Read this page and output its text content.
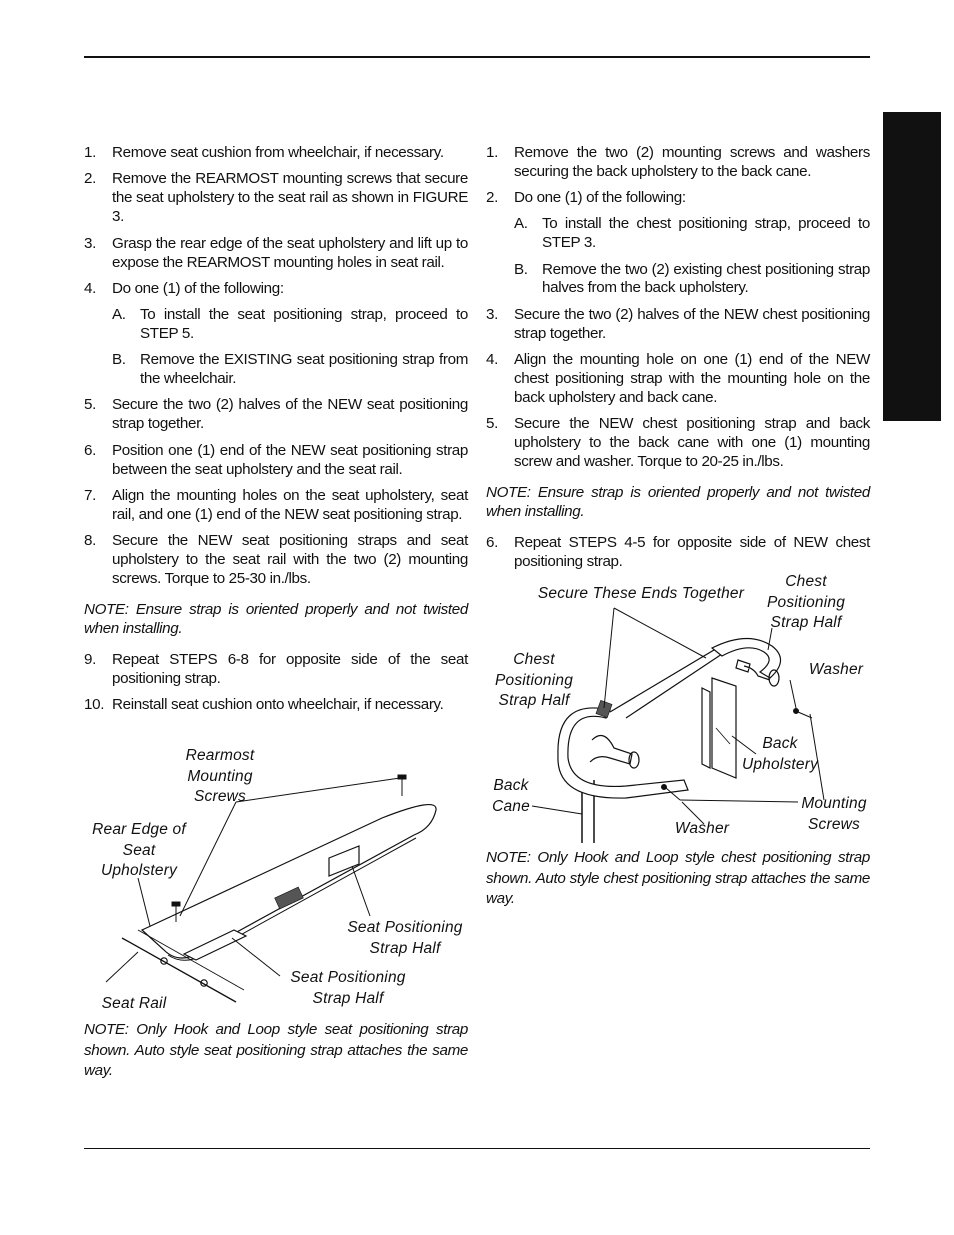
1. Remove seat cushion from wheelchair, if necessary.
2. Remove the REARMOST mounting screws that secure the seat upholstery to the seat rail as shown in FIGURE 3.
3. Grasp the rear edge of the seat upholstery and lift up to expose the REARMOST mounting holes in seat rail.
4. Do one (1) of the following:
A. To install the seat positioning strap, proceed to STEP 5.
B. Remove the EXISTING seat positioning strap from the wheelchair.
5. Secure the two (2) halves of the NEW seat positioning strap together.
6. Position one (1) end of the NEW seat positioning strap between the seat upholstery and the seat rail.
7. Align the mounting holes on the seat upholstery, seat rail, and one (1) end of the NEW seat positioning strap.
8. Secure the NEW seat positioning straps and seat upholstery to the seat rail with the two (2) mounting screws. Torque to 25-30 in./lbs.
NOTE: Ensure strap is oriented properly and not twisted when installing.
9. Repeat STEPS 6-8 for opposite side of the seat positioning strap.
10. Reinstall seat cushion onto wheelchair, if necessary.
Rearmost
Mounting
Screws
Rear Edge of
Seat
Upholstery
Seat Positioning
Strap Half
Seat Positioning
Strap Half
Seat Rail
NOTE: Only Hook and Loop style seat positioning strap shown. Auto style seat positioning strap attaches the same way.
1. Remove the two (2) mounting screws and washers securing the back upholstery to the back cane.
2. Do one (1) of the following:
A. To install the chest positioning strap, proceed to STEP 3.
B. Remove the two (2) existing chest positioning strap halves from the back upholstery.
3. Secure the two (2) halves of the NEW chest positioning strap together.
4. Align the mounting hole on one (1) end of the NEW chest positioning strap with the mounting hole on the back upholstery and back cane.
5. Secure the NEW chest positioning strap and back upholstery to the back cane with one (1) mounting screw and washer. Torque to 20-25 in./lbs.
NOTE: Ensure strap is oriented properly and not twisted when installing.
6. Repeat STEPS 4-5 for opposite side of NEW chest positioning strap.
Secure These Ends Together
Chest
Positioning
Strap Half
Chest
Positioning
Strap Half
Washer
Back
Upholstery
Back
Cane	Mounting
Screws
Washer
NOTE: Only Hook and Loop style chest positioning strap shown. Auto style chest positioning strap attaches the same way.
